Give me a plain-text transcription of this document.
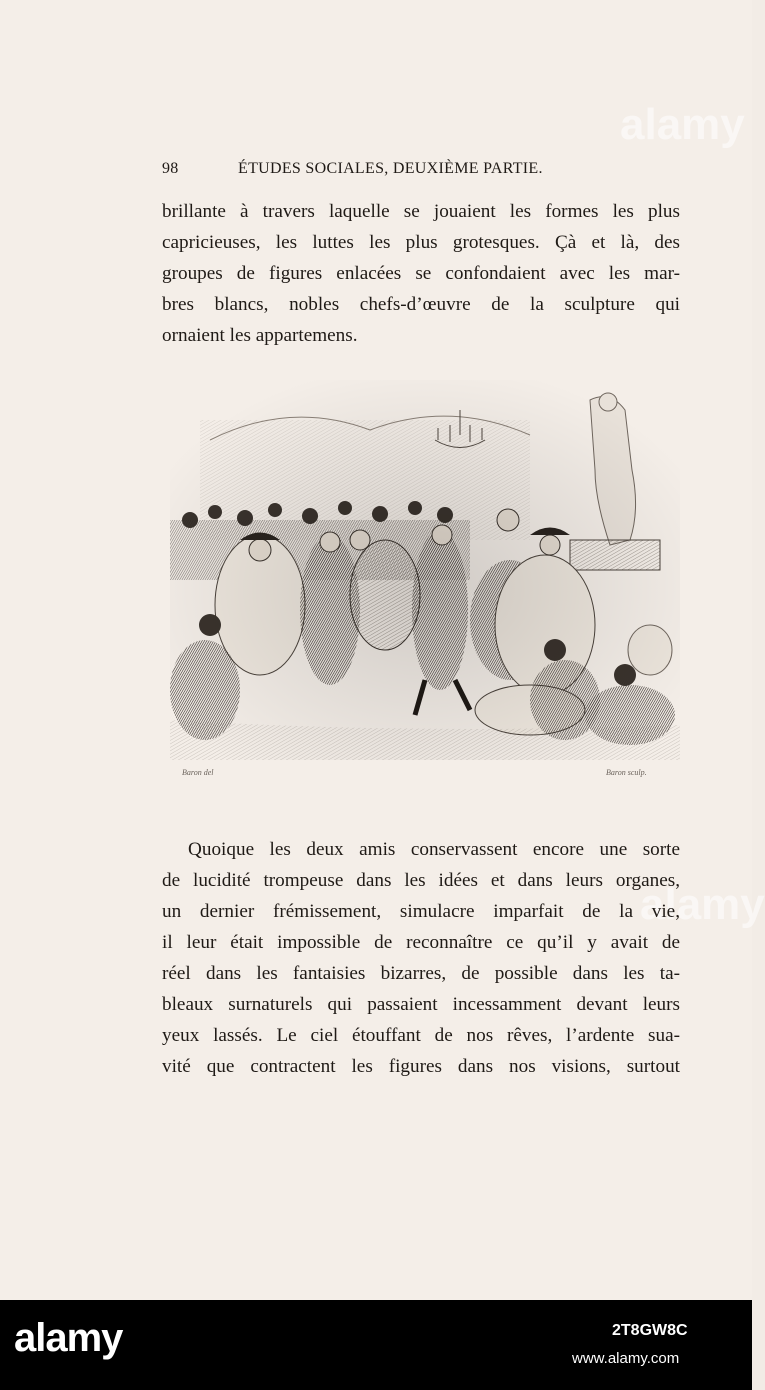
alamy
alamy
98	ÉTUDES SOCIALES, DEUXIÈME PARTIE.
brillante à travers laquelle se jouaient les formes les plus
capricieuses, les luttes les plus grotesques. Çà et là, des
groupes de figures enlacées se confondaient avec les mar-
bres blancs, nobles chefs-d’œuvre de la sculpture qui
ornaient les appartemens.
Baron del	Baron sculp.
Quoique les deux amis conservassent encore une sorte
de lucidité trompeuse dans les idées et dans leurs organes,
un dernier frémissement, simulacre imparfait de la vie,
il leur était impossible de reconnaître ce qu’il y avait de
réel dans les fantaisies bizarres, de possible dans les ta-
bleaux surnaturels qui passaient incessamment devant leurs
yeux lassés. Le ciel étouffant de nos rêves, l’ardente sua-
vité que contractent les figures dans nos visions, surtout
alamy	2T8GW8C
www.alamy.com
